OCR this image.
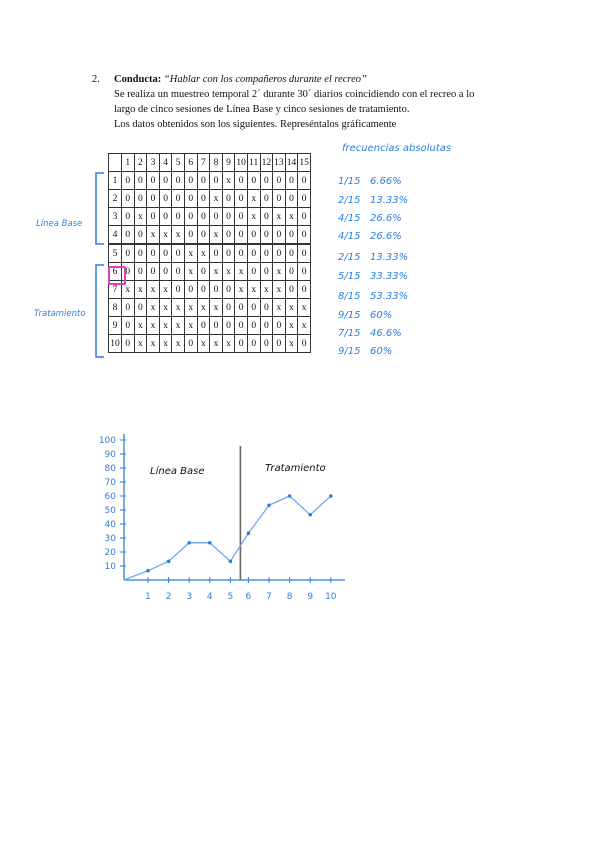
2. Conducta: “Hablar con los compañeros durante el recreo”
Se realiza un muestreo temporal 2´ durante 30´ diarios coincidiendo con el recreo a lo
largo de cinco sesiones de Línea Base y cinco sesiones de tratamiento.
Los datos obtenidos son los siguientes. Represéntalos gráficamente
	1	2	3	4	5	6	7	8	9	10	11	12	13	14	15
1	0	0	0	0	0	0	0	0	x	0	0	0	0	0	0
2	0	0	0	0	0	0	0	x	0	0	x	0	0	0	0
3	0	x	0	0	0	0	0	0	0	0	x	0	x	x	0
4	0	0	x	x	x	0	0	x	0	0	0	0	0	0	0
5	0	0	0	0	0	x	x	0	0	0	0	0	0	0	0
6	0	0	0	0	0	x	0	x	x	x	0	0	x	0	0
7	x	x	x	x	0	0	0	0	0	x	x	x	x	0	0
8	0	0	x	x	x	x	x	x	0	0	0	0	x	x	x
9	0	x	x	x	x	x	0	0	0	0	0	0	0	x	x
10	0	x	x	x	x	0	x	x	x	0	0	0	0	x	0
frecuencias absolutas
1/15 6.66%
2/15 13.33%
4/15 26.6%
4/15 26.6%
2/15 13.33%
5/15 33.33%
8/15 53.33%
9/15 60%
7/15 46.6%
9/15 60%
Línea Base
Tratamiento
10
20
30
40
50
60
70
80
90
100
1 2 3 4 5 6 7 8 9 10
Línea Base	Tratamiento
